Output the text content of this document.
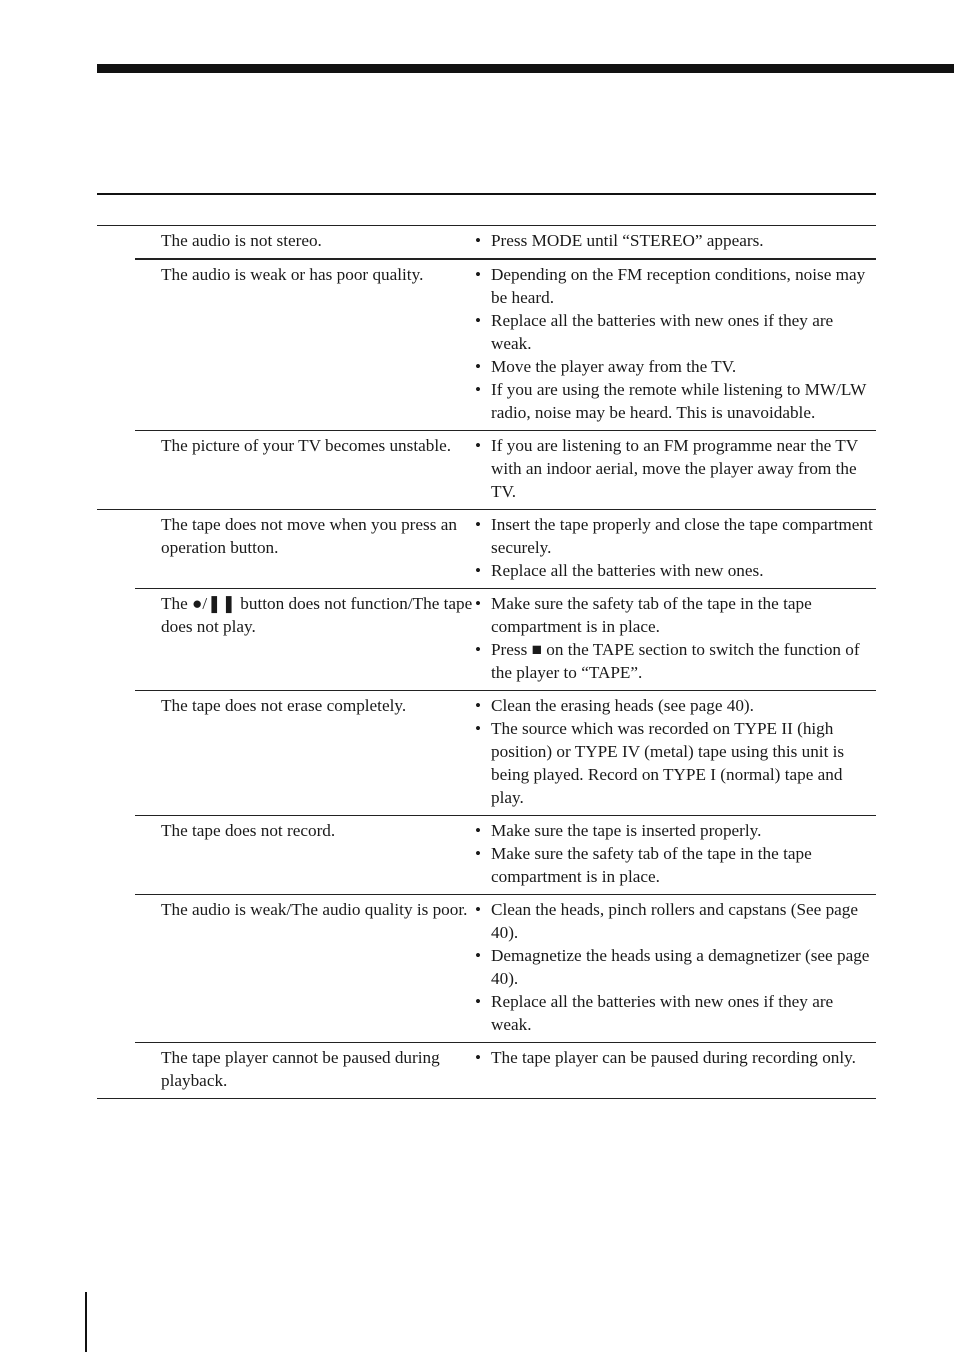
The audio is not stereo.	• Press MODE until “STEREO” appears.
The audio is weak or has poor quality.	• Depending on the FM reception conditions, noise may be heard.
• Replace all the batteries with new ones if they are weak.
• Move the player away from the TV.
• If you are using the remote while listening to MW/LW radio, noise may be heard. This is unavoidable.
The picture of your TV becomes unstable.	• If you are listening to an FM programme near the TV with an indoor aerial, move the player away from the TV.
The tape does not move when you press an operation button.
• Insert the tape properly and close the tape compartment securely.
• Replace all the batteries with new ones.
The ●/❚❚ button does not function/The tape does not play.
• Make sure the safety tab of the tape in the tape compartment is in place.
• Press ■ on the TAPE section to switch the function of the player to “TAPE”.
The tape does not erase completely.	• Clean the erasing heads (see page 40).
• The source which was recorded on TYPE II (high position) or TYPE IV (metal) tape using this unit is being played. Record on TYPE I (normal) tape and play.
The tape does not record.	• Make sure the tape is inserted properly.
• Make sure the safety tab of the tape in the tape compartment is in place.
The audio is weak/The audio quality is poor.	• Clean the heads, pinch rollers and capstans (See page 40).
• Demagnetize the heads using a demagnetizer (see page 40).
• Replace all the batteries with new ones if they are weak.
The tape player cannot be paused during playback.
• The tape player can be paused during recording only.
